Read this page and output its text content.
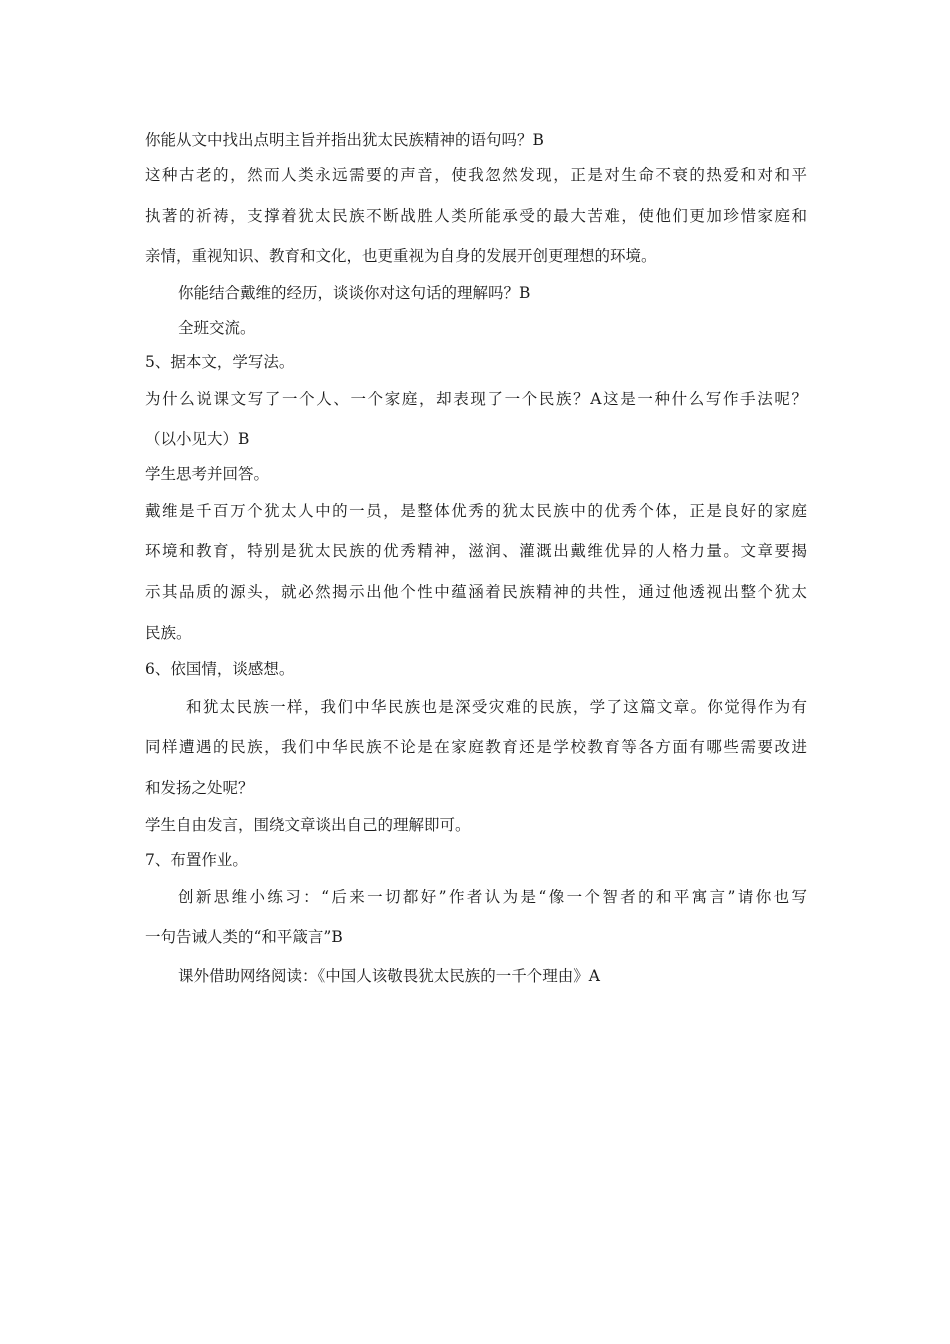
你能从文中找出点明主旨并指出犹太民族精神的语句吗？B
这种古老的，然而人类永远需要的声音，使我忽然发现，正是对生命不衰的热爱和对和平
执著的祈祷，支撑着犹太民族不断战胜人类所能承受的最大苦难，使他们更加珍惜家庭和
亲情，重视知识、教育和文化，也更重视为自身的发展开创更理想的环境。
你能结合戴维的经历，谈谈你对这句话的理解吗？B
全班交流。
5、据本文，学写法。
为什么说课文写了一个人、一个家庭，却表现了一个民族？A这是一种什么写作手法呢？
（以小见大）B
学生思考并回答。
戴维是千百万个犹太人中的一员，是整体优秀的犹太民族中的优秀个体，正是良好的家庭
环境和教育，特别是犹太民族的优秀精神，滋润、灌溉出戴维优异的人格力量。文章要揭
示其品质的源头，就必然揭示出他个性中蕴涵着民族精神的共性，通过他透视出整个犹太
民族。
6、依国情，谈感想。
和犹太民族一样，我们中华民族也是深受灾难的民族，学了这篇文章。你觉得作为有
同样遭遇的民族，我们中华民族不论是在家庭教育还是学校教育等各方面有哪些需要改进
和发扬之处呢？
学生自由发言，围绕文章谈出自己的理解即可。
7、布置作业。
创新思维小练习：“后来一切都好”作者认为是“像一个智者的和平寓言”请你也写
一句告诫人类的“和平箴言”B
课外借助网络阅读：《中国人该敬畏犹太民族的一千个理由》A
